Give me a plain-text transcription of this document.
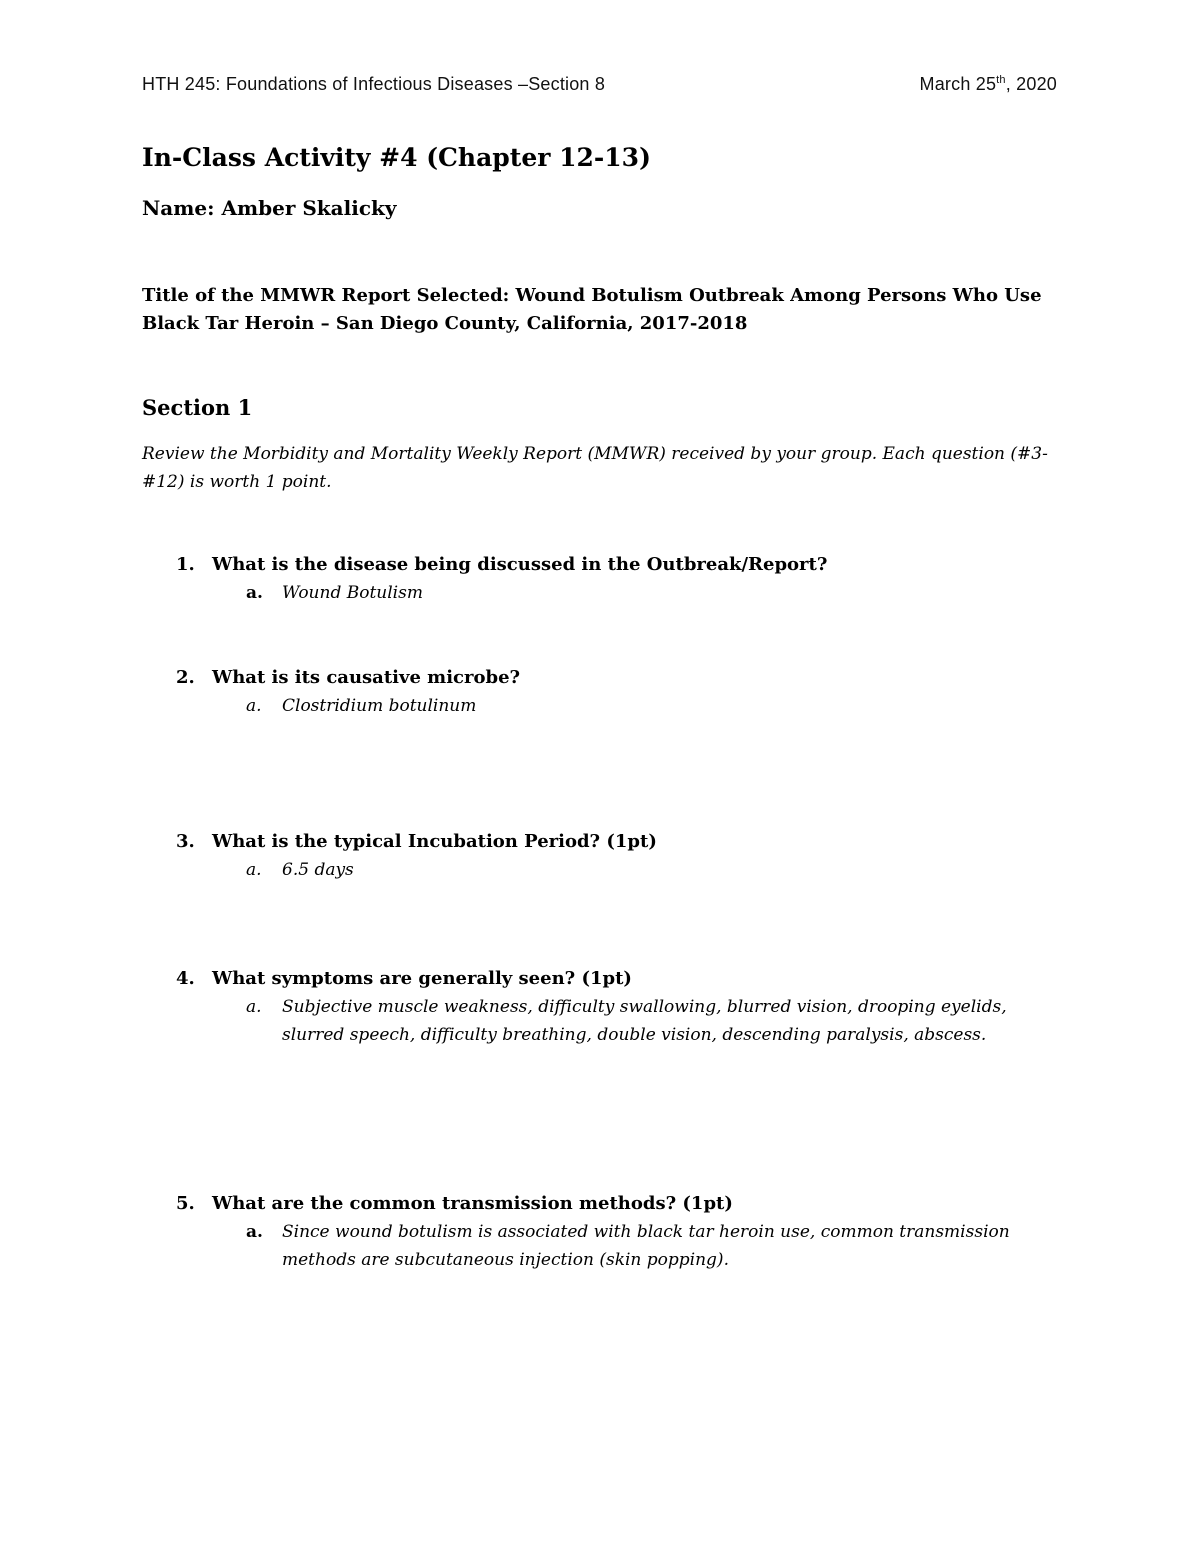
HTH 245: Foundations of Infectious Diseases –Section 8	March 25th, 2020
In-Class Activity #4 (Chapter 12-13)
Name: Amber Skalicky
Title of the MMWR Report Selected: Wound Botulism Outbreak Among Persons Who Use Black Tar Heroin – San Diego County, California, 2017-2018
Section 1
Review the Morbidity and Mortality Weekly Report (MMWR) received by your group. Each question (#3-#12) is worth 1 point.
1. What is the disease being discussed in the Outbreak/Report?
a.	Wound Botulism
2. What is its causative microbe?
a.	Clostridium botulinum
3. What is the typical Incubation Period? (1pt)
a.	6.5 days
4. What symptoms are generally seen? (1pt)
a.	Subjective muscle weakness, difficulty swallowing, blurred vision, drooping eyelids, slurred speech, difficulty breathing, double vision, descending paralysis, abscess.
5. What are the common transmission methods? (1pt)
a.	Since wound botulism is associated with black tar heroin use, common transmission methods are subcutaneous injection (skin popping).
